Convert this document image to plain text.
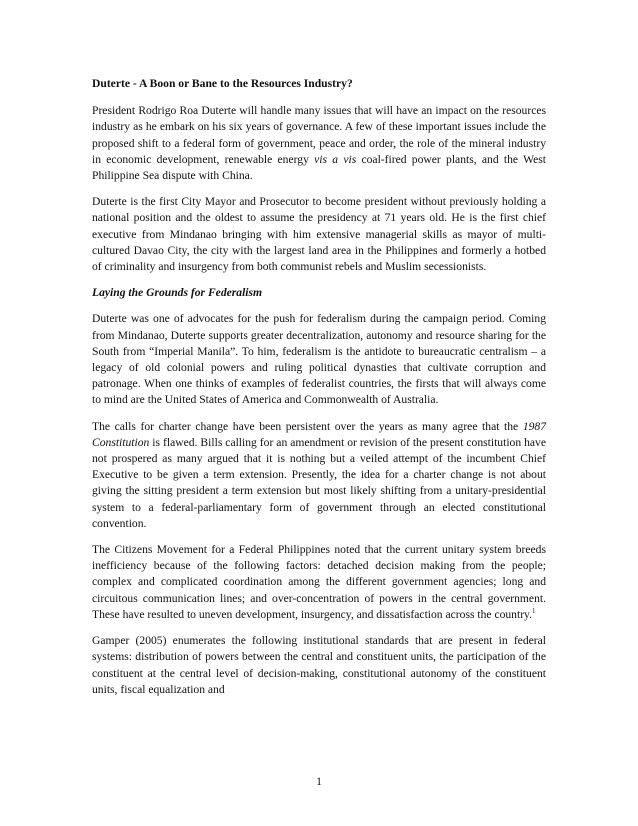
Duterte - A Boon or Bane to the Resources Industry?

President Rodrigo Roa Duterte will handle many issues that will have an impact on the resources industry as he embark on his six years of governance. A few of these important issues include the proposed shift to a federal form of government, peace and order, the role of the mineral industry in economic development, renewable energy vis a vis coal-fired power plants, and the West Philippine Sea dispute with China.

Duterte is the first City Mayor and Prosecutor to become president without previously holding a national position and the oldest to assume the presidency at 71 years old. He is the first chief executive from Mindanao bringing with him extensive managerial skills as mayor of multi-cultured Davao City, the city with the largest land area in the Philippines and formerly a hotbed of criminality and insurgency from both communist rebels and Muslim secessionists.

Laying the Grounds for Federalism

Duterte was one of advocates for the push for federalism during the campaign period. Coming from Mindanao, Duterte supports greater decentralization, autonomy and resource sharing for the South from “Imperial Manila”. To him, federalism is the antidote to bureaucratic centralism – a legacy of old colonial powers and ruling political dynasties that cultivate corruption and patronage. When one thinks of examples of federalist countries, the firsts that will always come to mind are the United States of America and Commonwealth of Australia.

The calls for charter change have been persistent over the years as many agree that the 1987 Constitution is flawed. Bills calling for an amendment or revision of the present constitution have not prospered as many argued that it is nothing but a veiled attempt of the incumbent Chief Executive to be given a term extension. Presently, the idea for a charter change is not about giving the sitting president a term extension but most likely shifting from a unitary-presidential system to a federal-parliamentary form of government through an elected constitutional convention.

The Citizens Movement for a Federal Philippines noted that the current unitary system breeds inefficiency because of the following factors: detached decision making from the people; complex and complicated coordination among the different government agencies; long and circuitous communication lines; and over-concentration of powers in the central government. These have resulted to uneven development, insurgency, and dissatisfaction across the country.$^1$

Gamper (2005) enumerates the following institutional standards that are present in federal systems: distribution of powers between the central and constituent units, the participation of the constituent at the central level of decision-making, constitutional autonomy of the constituent units, fiscal equalization and

1
